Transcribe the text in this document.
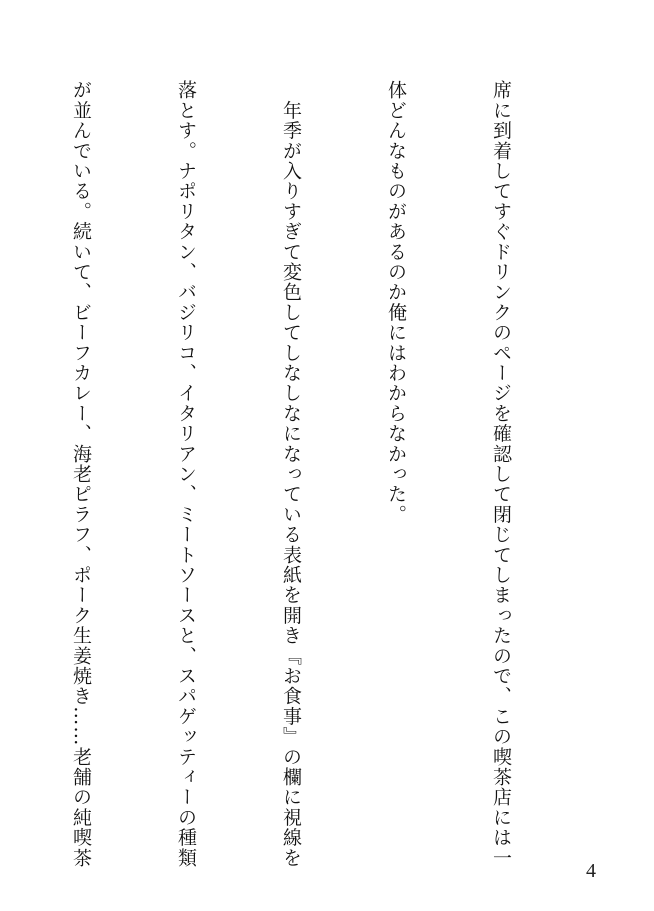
席に到着してすぐドリンクのページを確認して閉じてしまったので、この喫茶店には一

体どんなものがあるのか俺にはわからなかった。

　年季が入りすぎて変色してしなしなになっている表紙を開き『お食事』の欄に視線を

落とす。ナポリタン、バジリコ、イタリアン、ミートソースと、スパゲッティーの種類

が並んでいる。続いて、ビーフカレー、海老ピラフ、ポーク生姜焼き……老舗の純喫茶

4
